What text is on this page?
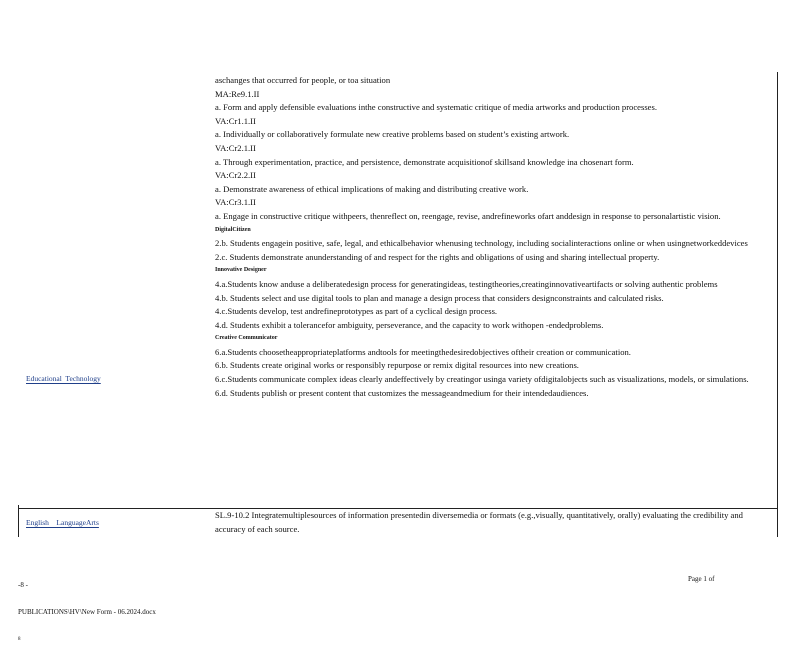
Educational  Technology
aschanges that occurred for people, or toa situation
MA:Re9.1.II
a. Form and apply defensible evaluations inthe constructive and systematic critique of media artworks and production processes.
VA:Cr1.1.II
a. Individually or collaboratively formulate new creative problems based on student’s existing artwork.
VA:Cr2.1.II
a. Through experimentation, practice, and persistence, demonstrate acquisitionof skillsand knowledge ina chosenart form.
VA:Cr2.2.II
a. Demonstrate awareness of ethical implications of making and distributing creative work.
VA:Cr3.1.II
a. Engage in constructive critique withpeers, thenreflect on, reengage, revise, andrefineworks ofart anddesign in response to personalartistic vision.
DigitalCitizen
2.b. Students engagein positive, safe, legal, and ethicalbehavior whenusing technology, including socialinteractions online or when usingnetworkeddevices
2.c. Students demonstrate anunderstanding of and respect for the rights and obligations of using and sharing intellectual property.
Innovative Designer
4.a.Students know anduse a deliberatedesign process for generatingideas, testingtheories,creatinginnovativeartifacts or solving authentic problems
4.b. Students select and use digital tools to plan and manage a design process that considers designconstraints and calculated risks.
4.c.Students develop, test andrefineprototypes as part of a cyclical design process.
4.d. Students exhibit a tolerancefor ambiguity, perseverance, and the capacity to work withopen -endedproblems.
Creative Communicator
6.a.Students choosetheappropriateplatforms andtools for meetingthedesiredobjectives oftheir creation or communication.
6.b. Students create original works or responsibly repurpose or remix digital resources into new creations.
6.c.Students communicate complex ideas clearly andeffectively by creatingor usinga variety ofdigitalobjects such as visualizations, models, or simulations.
6.d. Students publish or present content that customizes the messageandmedium for their intendedaudiences.
English    LanguageArts
SL.9-10.2 Integratemultiplesources of information presentedin diversemedia or formats (e.g.,visually, quantitatively, orally) evaluating the credibility and accuracy of each source.

-8 -

PUBLICATIONS\HV\New Form - 06.2024.docx

8

Page 1 of
